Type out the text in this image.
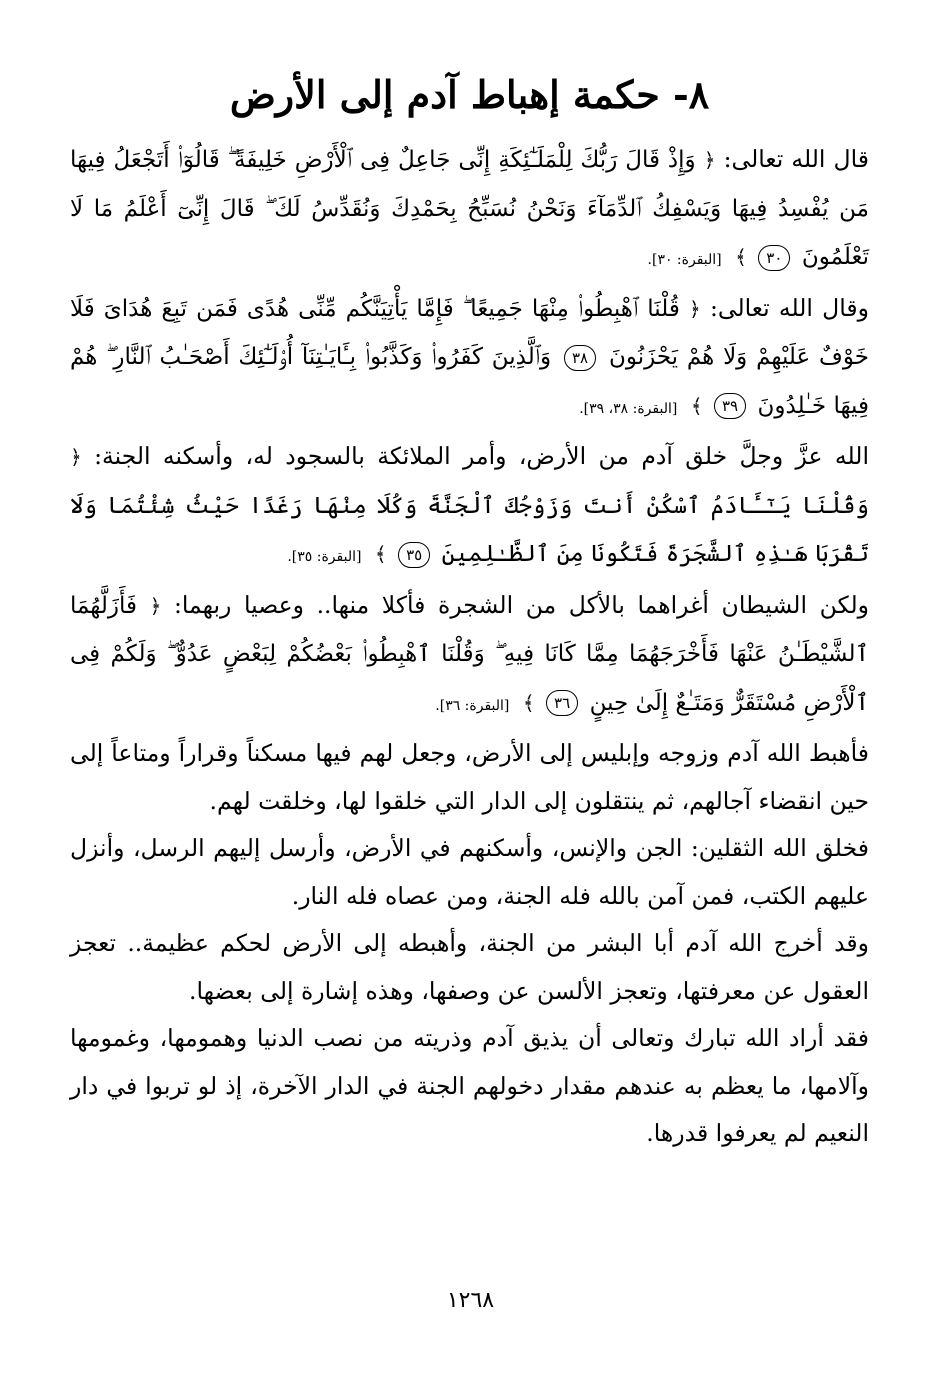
٨- حكمة إهباط آدم إلى الأرض

قال الله تعالى: ﴿ وَإِذْ قَالَ رَبُّكَ لِلْمَلَـٰٓئِكَةِ إِنِّى جَاعِلٌ فِى ٱلْأَرْضِ خَلِيفَةً ۖ قَالُوٓا۟ أَتَجْعَلُ فِيهَا مَن يُفْسِدُ فِيهَا وَيَسْفِكُ ٱلدِّمَآءَ وَنَحْنُ نُسَبِّحُ بِحَمْدِكَ وَنُقَدِّسُ لَكَ ۖ قَالَ إِنِّىٓ أَعْلَمُ مَا لَا تَعْلَمُونَ ٣٠ ﴾ [البقرة: ٣٠].

وقال الله تعالى: ﴿ قُلْنَا ٱهْبِطُوا۟ مِنْهَا جَمِيعًا ۖ فَإِمَّا يَأْتِيَنَّكُم مِّنِّى هُدًى فَمَن تَبِعَ هُدَاىَ فَلَا خَوْفٌ عَلَيْهِمْ وَلَا هُمْ يَحْزَنُونَ ٣٨ وَٱلَّذِينَ كَفَرُوا۟ وَكَذَّبُوا۟ بِـَٔايَـٰتِنَآ أُو۟لَـٰٓئِكَ أَصْحَـٰبُ ٱلنَّارِ ۖ هُمْ فِيهَا خَـٰلِدُونَ ٣٩ ﴾ [البقرة: ٣٨، ٣٩].

الله عزَّ وجلَّ خلق آدم من الأرض، وأمر الملائكة بالسجود له، وأسكنه الجنة: ﴿ وَقُلْنَا يَـٰٓـَٔادَمُ ٱسْكُنْ أَنتَ وَزَوْجُكَ ٱلْجَنَّةَ وَكُلَا مِنْهَا رَغَدًا حَيْثُ شِئْتُمَا وَلَا تَقْرَبَا هَـٰذِهِ ٱلشَّجَرَةَ فَتَكُونَا مِنَ ٱلظَّـٰلِمِينَ ٣٥ ﴾ [البقرة: ٣٥].

ولكن الشيطان أغراهما بالأكل من الشجرة فأكلا منها.. وعصيا ربهما: ﴿ فَأَزَلَّهُمَا ٱلشَّيْطَـٰنُ عَنْهَا فَأَخْرَجَهُمَا مِمَّا كَانَا فِيهِ ۖ وَقُلْنَا ٱهْبِطُوا۟ بَعْضُكُمْ لِبَعْضٍ عَدُوٌّ ۖ وَلَكُمْ فِى ٱلْأَرْضِ مُسْتَقَرٌّ وَمَتَـٰعٌ إِلَىٰ حِينٍ ٣٦ ﴾ [البقرة: ٣٦].

فأهبط الله آدم وزوجه وإبليس إلى الأرض، وجعل لهم فيها مسكناً وقراراً ومتاعاً إلى حين انقضاء آجالهم، ثم ينتقلون إلى الدار التي خلقوا لها، وخلقت لهم.

فخلق الله الثقلين: الجن والإنس، وأسكنهم في الأرض، وأرسل إليهم الرسل، وأنزل عليهم الكتب، فمن آمن بالله فله الجنة، ومن عصاه فله النار.

وقد أخرج الله آدم أبا البشر من الجنة، وأهبطه إلى الأرض لحكم عظيمة.. تعجز العقول عن معرفتها، وتعجز الألسن عن وصفها، وهذه إشارة إلى بعضها.

فقد أراد الله تبارك وتعالى أن يذيق آدم وذريته من نصب الدنيا وهمومها، وغمومها وآلامها، ما يعظم به عندهم مقدار دخولهم الجنة في الدار الآخرة، إذ لو تربوا في دار النعيم لم يعرفوا قدرها.

١٢٦٨
